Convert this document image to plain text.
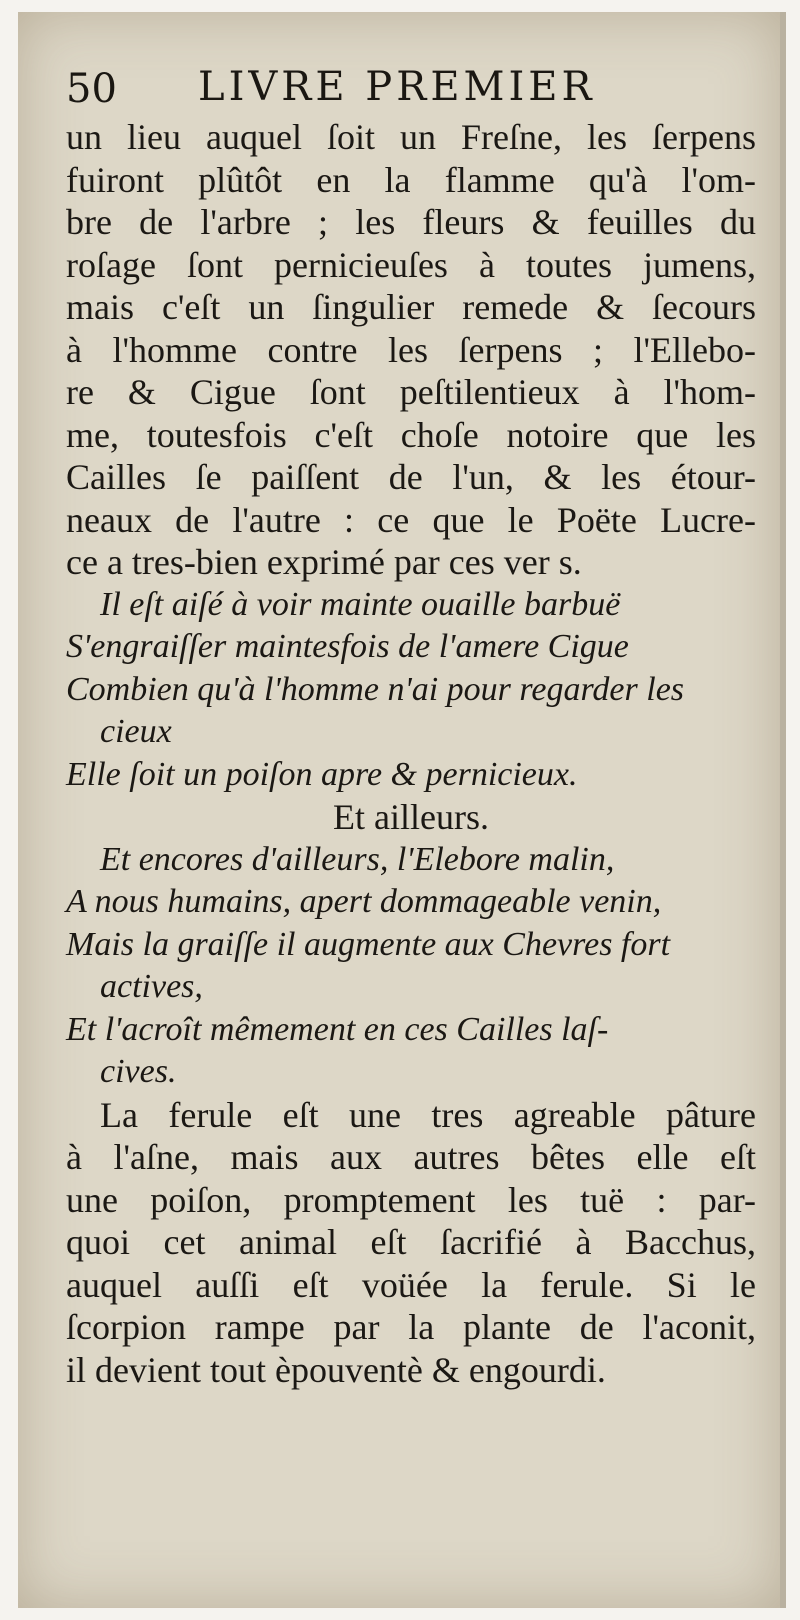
50 LIVRE PREMIER
un lieu auquel ſoit un Freſne, les ſerpens
fuiront plûtôt en la flamme qu'à l'om-
bre de l'arbre ; les fleurs & feuilles du
roſage ſont pernicieuſes à toutes jumens,
mais c'eſt un ſingulier remede & ſecours
à l'homme contre les ſerpens ; l'Ellebo-
re & Cigue ſont peſtilentieux à l'hom-
me, toutesfois c'eſt choſe notoire que les
Cailles ſe paiſſent de l'un, & les étour-
neaux de l'autre : ce que le Poëte Lucre-
ce a tres-bien exprimé par ces ver s.
Il eſt aiſé à voir mainte ouaille barbuë
S'engraiſſer maintesfois de l'amere Cigue
Combien qu'à l'homme n'ai pour regarder les
cieux
Elle ſoit un poiſon apre & pernicieux.
Et ailleurs.
Et encores d'ailleurs, l'Elebore malin,
A nous humains, apert dommageable venin,
Mais la graiſſe il augmente aux Chevres fort
actives,
Et l'acroît mêmement en ces Cailles laſ-
cives.
La ferule eſt une tres agreable pâture
à l'aſne, mais aux autres bêtes elle eſt
une poiſon, promptement les tuë : par-
quoi cet animal eſt ſacrifié à Bacchus,
auquel auſſi eſt voüée la ferule. Si le
ſcorpion rampe par la plante de l'aconit,
il devient tout èpouventè & engourdi.
